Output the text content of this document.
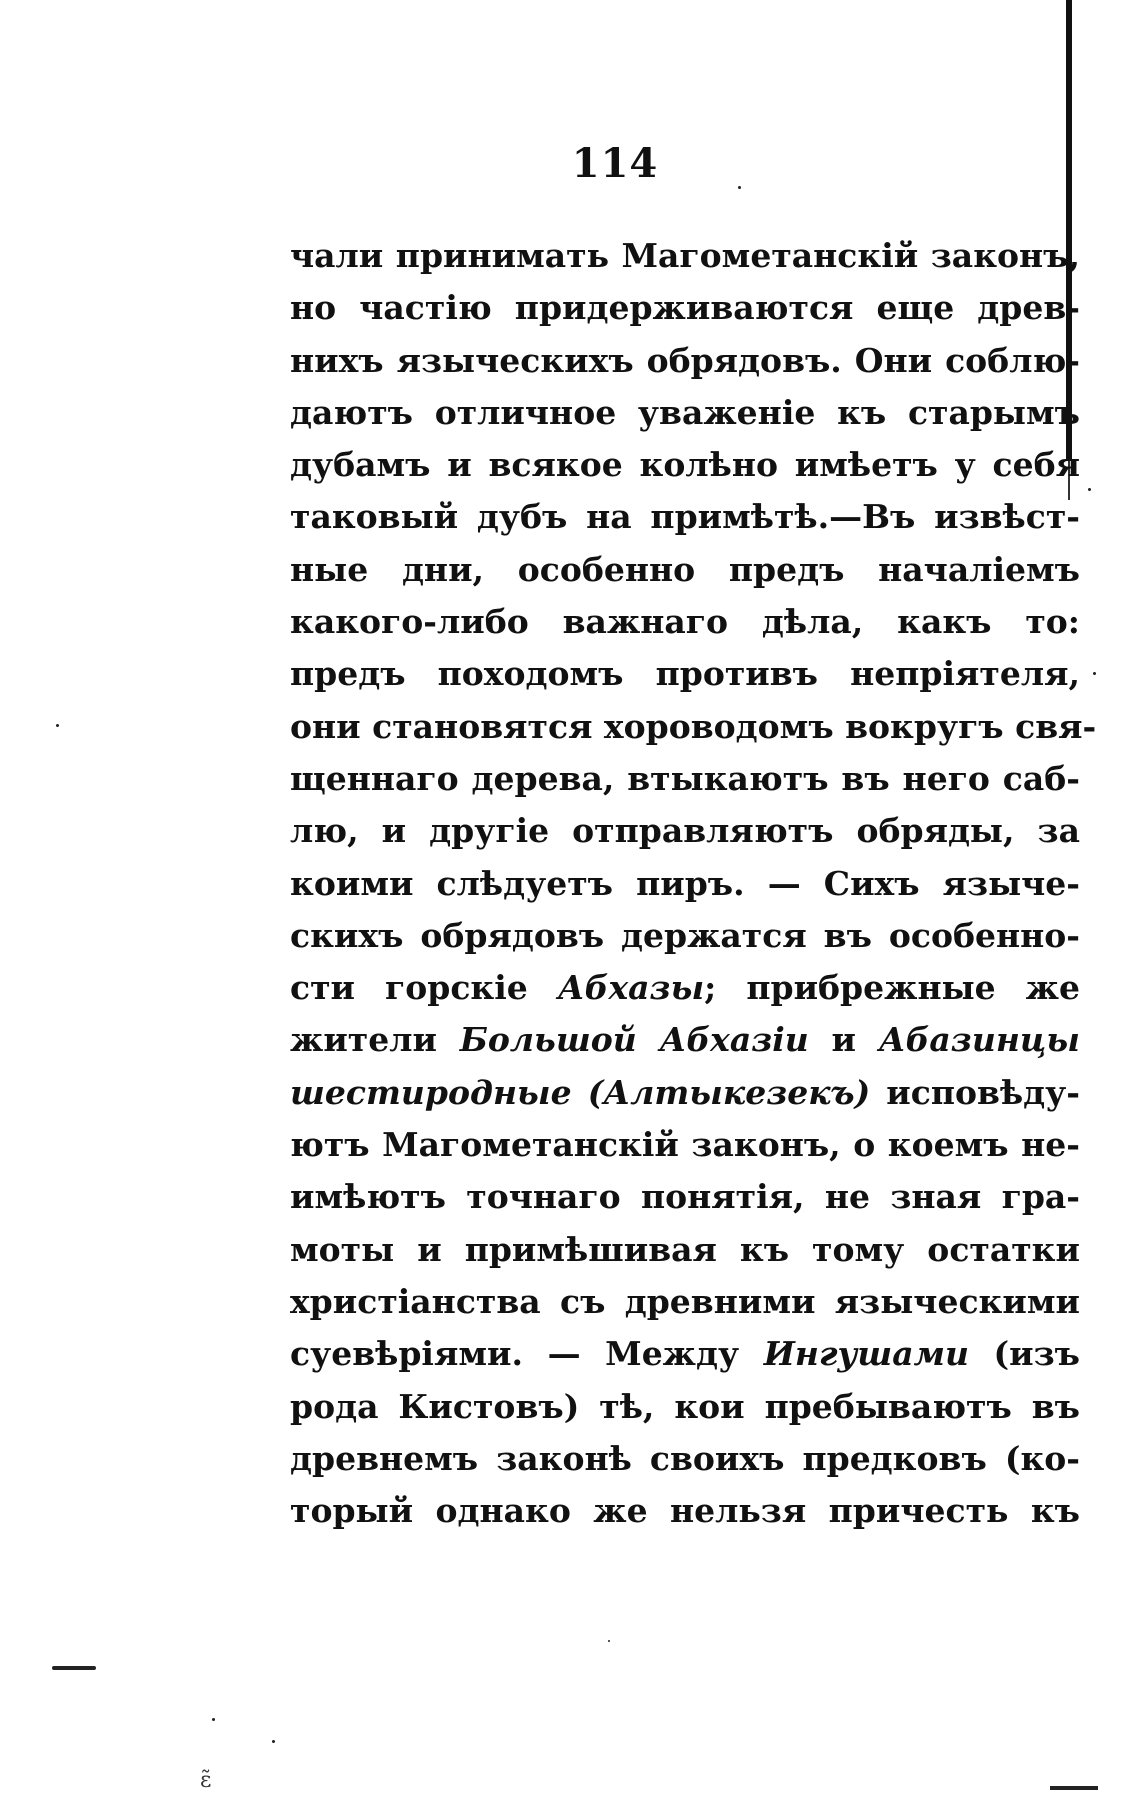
114
чали принимать Магометанскій законъ,
но частію придерживаются еще древ-
нихъ языческихъ обрядовъ. Они соблю-
даютъ отличное уваженіе къ старымъ
дубамъ и всякое колѣно имѣетъ у себя
таковый дубъ на примѣтѣ.—Въ извѣст-
ные дни, особенно предъ началіемъ
какого-либо важнаго дѣла, какъ то:
предъ походомъ противъ непріятеля,
они становятся хороводомъ вокругъ свя-
щеннаго дерева, втыкаютъ въ него саб-
лю, и другіе отправляютъ обряды, за
коими слѣдуетъ пиръ. — Сихъ языче-
скихъ обрядовъ держатся въ особенно-
сти горскіе Абхазы; прибрежные же
жители Большой Абхазіи и Абазинцы
шестиродные (Алтыкезекъ) исповѣду-
ютъ Магометанскій законъ, о коемъ не-
имѣютъ точнаго понятія, не зная гра-
моты и примѣшивая къ тому остатки
христіанства съ древними языческими
суевѣріями. — Между Ингушами (изъ
рода Кистовъ) тѣ, кои пребываютъ въ
древнемъ законѣ своихъ предковъ (ко-
торый однако же нельзя причесть къ
ɛ̃
